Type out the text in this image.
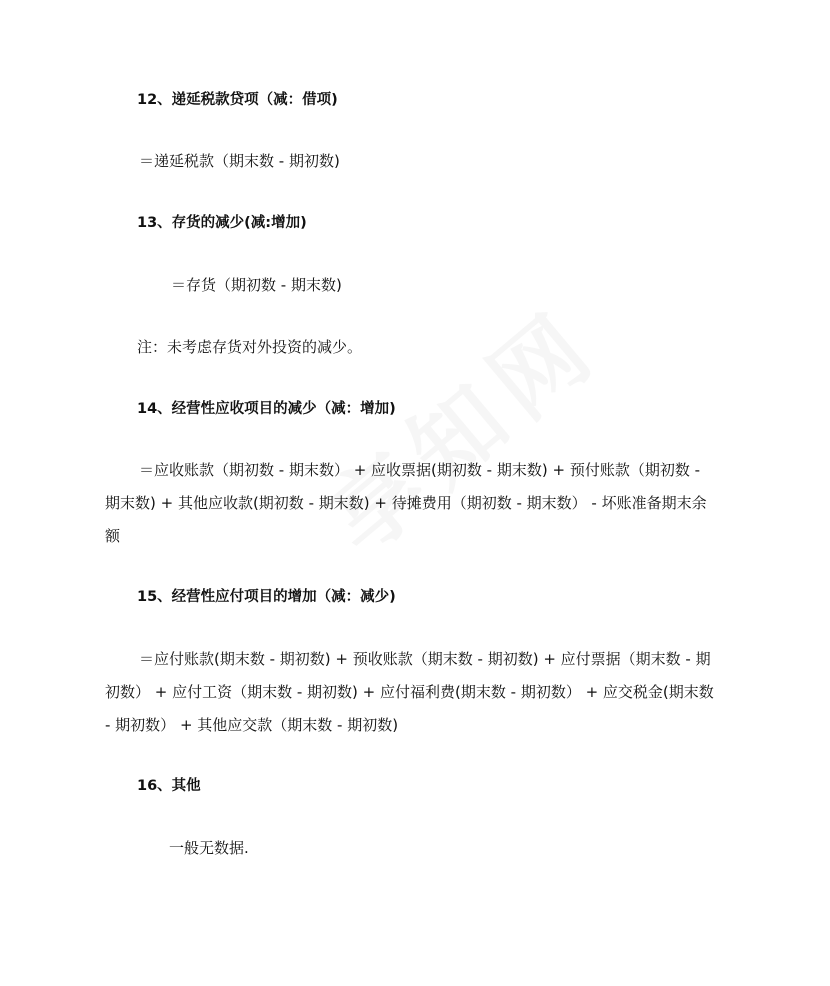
12、递延税款贷项（减：借项)
＝递延税款（期末数 - 期初数)
13、存货的减少(减:增加)
＝存货（期初数 - 期末数)
注：未考虑存货对外投资的减少。
14、经营性应收项目的减少（减：增加)
＝应收账款（期初数 - 期末数） + 应收票据(期初数 - 期末数) + 预付账款（期初数 -
期末数) + 其他应收款(期初数 - 期末数) + 待摊费用（期初数 - 期末数） - 坏账准备期末余
额
15、经营性应付项目的增加（减：减少)
＝应付账款(期末数 - 期初数) + 预收账款（期末数 - 期初数) + 应付票据（期末数 - 期
初数） + 应付工资（期末数 - 期初数) + 应付福利费(期末数 - 期初数） + 应交税金(期末数
- 期初数） + 其他应交款（期末数 - 期初数)
16、其他
一般无数据.
